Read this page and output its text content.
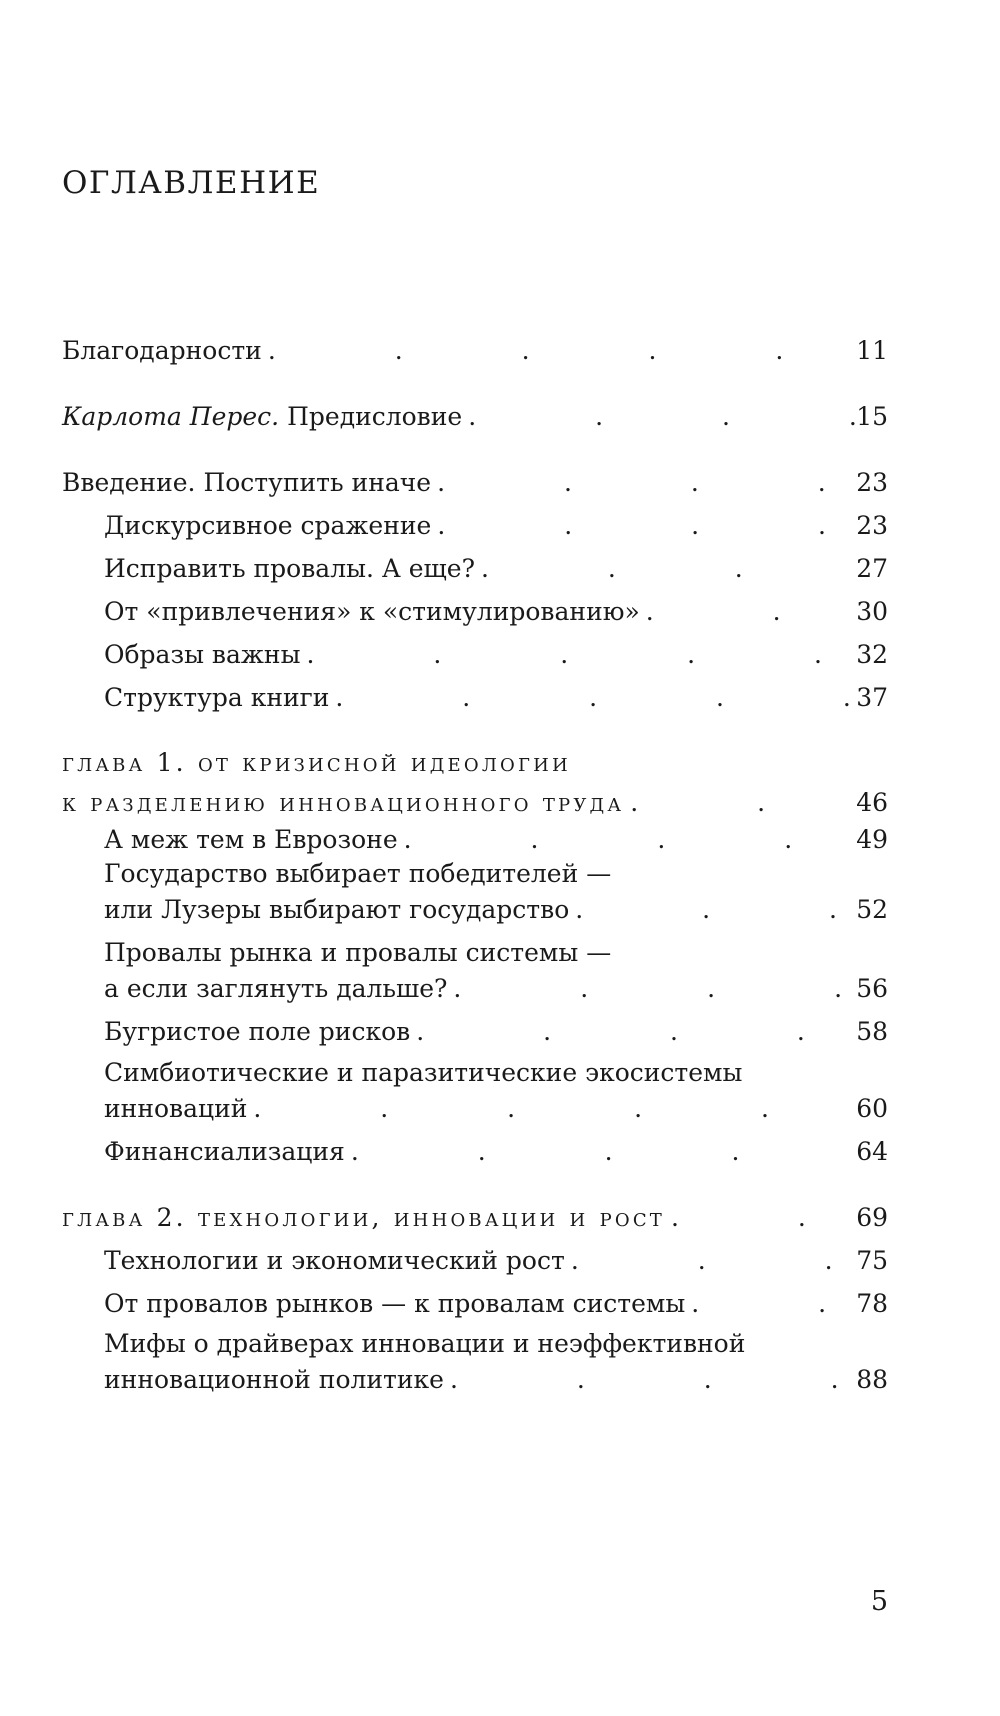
ОГЛАВЛЕНИЕ
Благодарности .	11
Карлота Перес. Предисловие .	15
Введение. Поступить иначе .	23
Дискурсивное сражение .	23
Исправить провалы. А еще? .	27
От «привлечения» к «стимулированию» .	30
Образы важны .	32
Структура книги .	37
глава 1. от кризисной идеологии
к разделению инновационного труда .	46
А меж тем в Еврозоне .	49
Государство выбирает победителей —
или Лузеры выбирают государство .	52
Провалы рынка и провалы системы —
а если заглянуть дальше? .	56
Бугристое поле рисков .	58
Симбиотические и паразитические экосистемы
инноваций .	60
Финансиализация .	64
глава 2. технологии, инновации и рост .	69
Технологии и экономический рост .	75
От провалов рынков — к провалам системы .	78
Мифы о драйверах инновации и неэффективной
инновационной политике .	88
5
